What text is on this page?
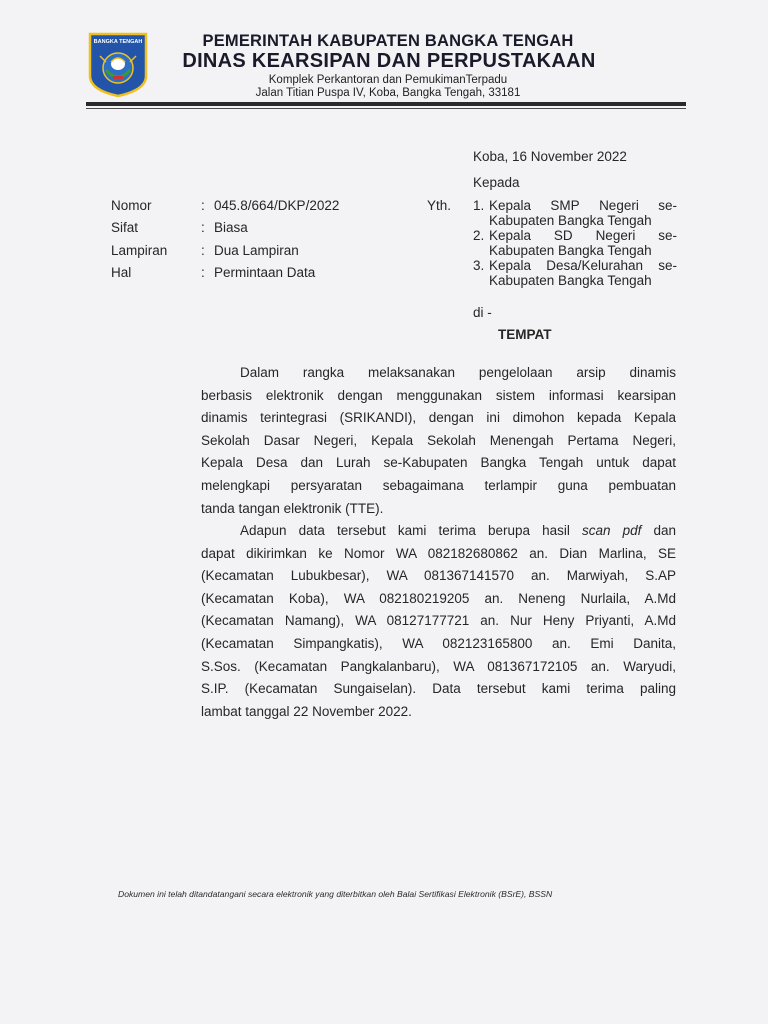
BANGKA TENGAH	PEMERINTAH KABUPATEN BANGKA TENGAH
DINAS KEARSIPAN DAN PERPUSTAKAAN
Komplek Perkantoran dan PemukimanTerpadu
Jalan Titian Puspa IV, Koba, Bangka Tengah, 33181
Koba, 16 November 2022
Kepada
Nomor	: 045.8/664/DKP/2022
Sifat	: Biasa
Lampiran : Dua Lampiran
Hal	: Permintaan Data
Yth. 1. Kepala SMP Negeri se-
Kabupaten Bangka Tengah
2. Kepala SD Negeri se-
Kabupaten Bangka Tengah
3. Kepala Desa/Kelurahan se-
Kabupaten Bangka Tengah
di -
TEMPAT
Dalam rangka melaksanakan pengelolaan arsip dinamis
berbasis elektronik dengan menggunakan sistem informasi kearsipan
dinamis terintegrasi (SRIKANDI), dengan ini dimohon kepada Kepala
Sekolah Dasar Negeri, Kepala Sekolah Menengah Pertama Negeri,
Kepala Desa dan Lurah se-Kabupaten Bangka Tengah untuk dapat
melengkapi persyaratan sebagaimana terlampir guna pembuatan
tanda tangan elektronik (TTE).
Adapun data tersebut kami terima berupa hasil scan pdf dan
dapat dikirimkan ke Nomor WA 082182680862 an. Dian Marlina, SE
(Kecamatan Lubukbesar), WA 081367141570 an. Marwiyah, S.AP
(Kecamatan Koba), WA 082180219205 an. Neneng Nurlaila, A.Md
(Kecamatan Namang), WA 08127177721 an. Nur Heny Priyanti, A.Md
(Kecamatan Simpangkatis), WA 082123165800 an. Emi Danita,
S.Sos. (Kecamatan Pangkalanbaru), WA 081367172105 an. Waryudi,
S.IP. (Kecamatan Sungaiselan). Data tersebut kami terima paling
lambat tanggal 22 November 2022.
Dokumen ini telah ditandatangani secara elektronik yang diterbitkan oleh Balai Sertifikasi Elektronik (BSrE), BSSN
